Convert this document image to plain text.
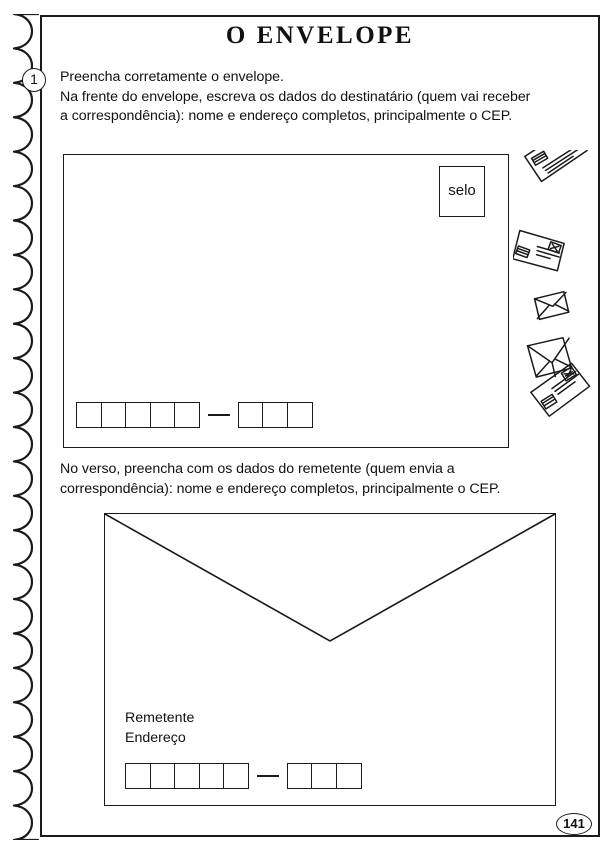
O ENVELOPE
1	Preencha corretamente o envelope.
Na frente do envelope, escreva os dados do destinatário (quem vai receber
a correspondência): nome e endereço completos, principalmente o CEP.
selo
No verso, preencha com os dados do remetente (quem envia a
correspondência): nome e endereço completos, principalmente o CEP.
Remetente
Endereço
141
